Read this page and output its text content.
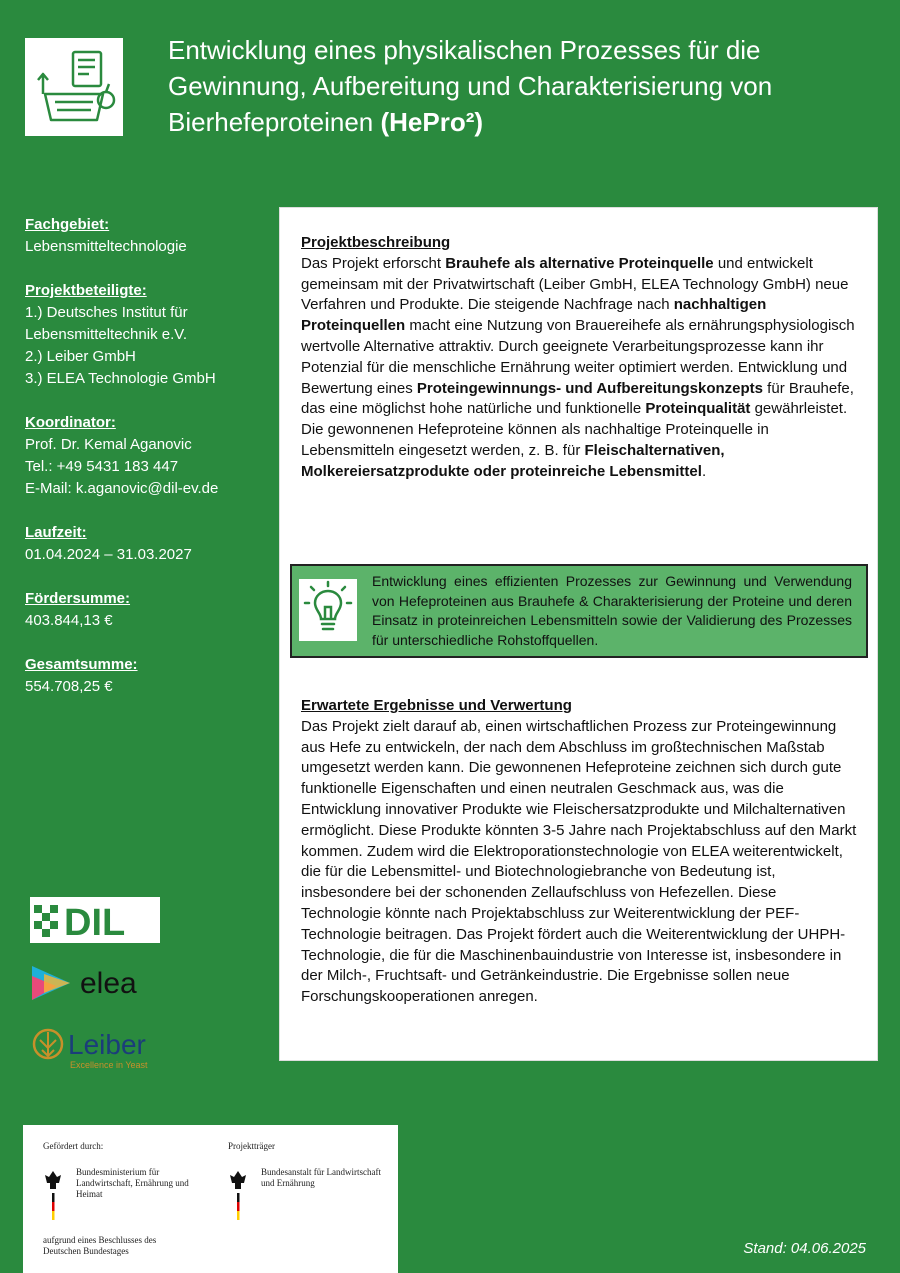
Entwicklung eines physikalischen Prozesses für die Gewinnung, Aufbereitung und Charakterisierung von Bierhefeproteinen (HePro²)
Fachgebiet:
Lebensmitteltechnologie
Projektbeteiligte:
1.) Deutsches Institut für Lebensmitteltechnik e.V.
2.) Leiber GmbH
3.) ELEA Technologie GmbH
Koordinator:
Prof. Dr. Kemal Aganovic
Tel.: +49 5431 183 447
E-Mail: k.aganovic@dil-ev.de
Laufzeit:
01.04.2024 – 31.03.2027
Fördersumme:
403.844,13 €
Gesamtsumme:
554.708,25 €
Projektbeschreibung
Das Projekt erforscht Brauhefe als alternative Proteinquelle und entwickelt gemeinsam mit der Privatwirtschaft (Leiber GmbH, ELEA Technology GmbH) neue Verfahren und Produkte. Die steigende Nachfrage nach nachhaltigen Proteinquellen macht eine Nutzung von Brauereihefe als ernährungsphysiologisch wertvolle Alternative attraktiv. Durch geeignete Verarbeitungsprozesse kann ihr Potenzial für die menschliche Ernährung weiter optimiert werden. Entwicklung und Bewertung eines Proteingewinnungs- und Aufbereitungskonzepts für Brauhefe, das eine möglichst hohe natürliche und funktionelle Proteinqualität gewährleistet. Die gewonnenen Hefeproteine können als nachhaltige Proteinquelle in Lebensmitteln eingesetzt werden, z. B. für Fleischalternativen, Molkereiersatzprodukte oder proteinreiche Lebensmittel.
Entwicklung eines effizienten Prozesses zur Gewinnung und Verwendung von Hefeproteinen aus Brauhefe & Charakterisierung der Proteine und deren Einsatz in proteinreichen Lebensmitteln sowie der Validierung des Prozesses für unterschiedliche Rohstoffquellen.
Erwartete Ergebnisse und Verwertung
Das Projekt zielt darauf ab, einen wirtschaftlichen Prozess zur Proteingewinnung aus Hefe zu entwickeln, der nach dem Abschluss im großtechnischen Maßstab umgesetzt werden kann. Die gewonnenen Hefeproteine zeichnen sich durch gute funktionelle Eigenschaften und einen neutralen Geschmack aus, was die Entwicklung innovativer Produkte wie Fleischersatzprodukte und Milchalternativen ermöglicht. Diese Produkte könnten 3-5 Jahre nach Projektabschluss auf den Markt kommen. Zudem wird die Elektroporationstechnologie von ELEA weiterentwickelt, die für die Lebensmittel- und Biotechnologiebranche von Bedeutung ist, insbesondere bei der schonenden Zellaufschluss von Hefezellen. Diese Technologie könnte nach Projektabschluss zur Weiterentwicklung der PEF-Technologie beitragen. Das Projekt fördert auch die Weiterentwicklung der UHPH-Technologie, die für die Maschinenbauindustrie von Interesse ist, insbesondere in der Milch-, Fruchtsaft- und Getränkeindustrie. Die Ergebnisse sollen neue Forschungskooperationen anregen.
DIL
elea
Leiber
Excellence in Yeast
Gefördert durch:
Bundesministerium für Landwirtschaft, Ernährung und Heimat
aufgrund eines Beschlusses des Deutschen Bundestages
Projektträger
Bundesanstalt für Landwirtschaft und Ernährung
Stand: 04.06.2025
